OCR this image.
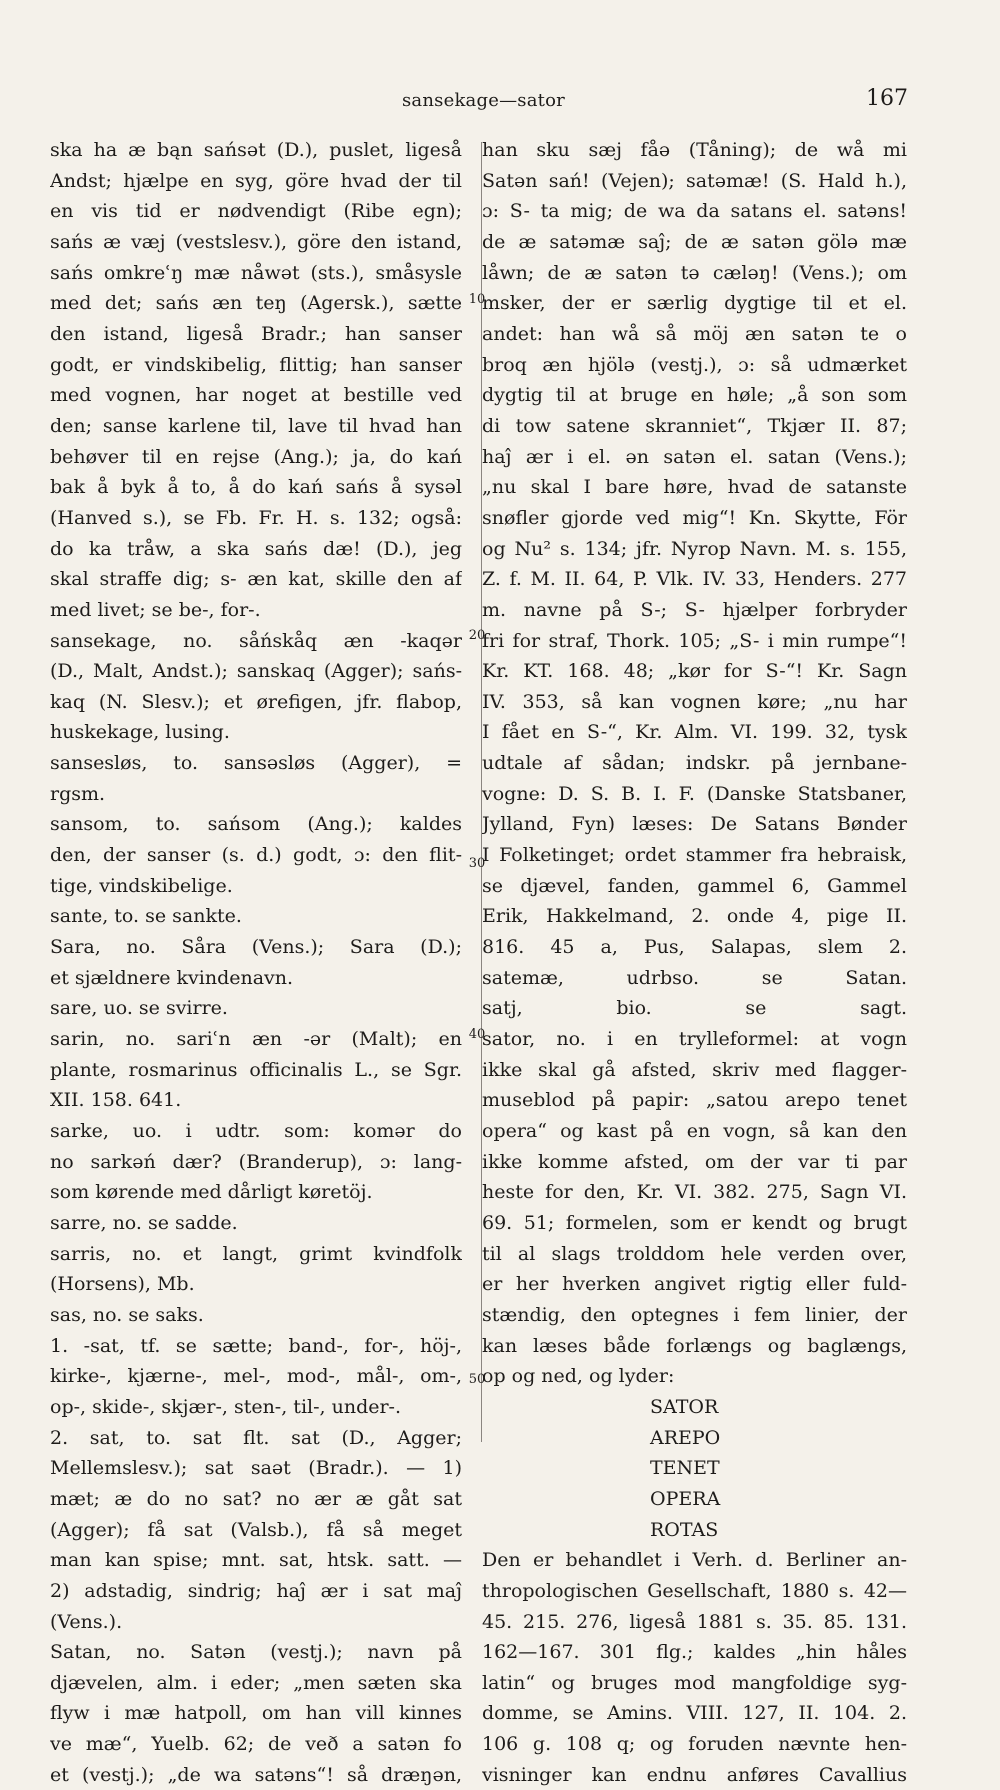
sansekage—sator	167
ska ha æ bąn sańsət (D.), puslet, ligeså
Andst; hjælpe en syg, göre hvad der til
en vis tid er nødvendigt (Ribe egn);
sańs æ væj (vestslesv.), göre den istand,
sańs omkreʿŋ mæ nåwət (sts.), småsysle
med det; sańs æn teŋ (Agersk.), sætte
den istand, ligeså Bradr.; han sanser
godt, er vindskibelig, flittig; han sanser
med vognen, har noget at bestille ved
den; sanse karlene til, lave til hvad han
behøver til en rejse (Ang.); ja, do kań
bak å byk å to, å do kań sańs å sysəl
(Hanved s.), se Fb. Fr. H. s. 132; også:
do ka tråw, a ska sańs dæ! (D.), jeg
skal straffe dig; s- æn kat, skille den af
med livet; se be-, for-.
sansekage, no. såńskåq æn -kaqər
(D., Malt, Andst.); sanskaq (Agger); sańs-
kaq (N. Slesv.); et ørefigen, jfr. flabop,
huskekage, lusing.
sansesløs, to. sansəsløs (Agger), =
rgsm.
sansom, to. sańsom (Ang.); kaldes
den, der sanser (s. d.) godt, ɔ: den flit-
tige, vindskibelige.
sante, to. se sankte.
Sara, no. Såra (Vens.); Sara (D.);
et sjældnere kvindenavn.
sare, uo. se svirre.
sarin, no. sariʿn æn -ər (Malt); en
plante, rosmarinus officinalis L., se Sgr.
XII. 158. 641.
sarke, uo. i udtr. som: komər do
no sarkəń dær? (Branderup), ɔ: lang-
som kørende med dårligt køretöj.
sarre, no. se sadde.
sarris, no. et langt, grimt kvindfolk
(Horsens), Mb.
sas, no. se saks.
1. -sat, tf. se sætte; band-, for-, höj-,
kirke-, kjærne-, mel-, mod-, mål-, om-,
op-, skide-, skjær-, sten-, til-, under-.
2. sat, to. sat flt. sat (D., Agger;
Mellemslesv.); sat saət (Bradr.). — 1)
mæt; æ do no sat? no ær æ gåt sat
(Agger); få sat (Valsb.), få så meget
man kan spise; mnt. sat, htsk. satt. —
2) adstadig, sindrig; haĵ ær i sat maĵ
(Vens.).
Satan, no. Satən (vestj.); navn på
djævelen, alm. i eder; „men sæten ska
flyw i mæ hatpoll, om han vill kinnes
ve mæ“, Yuelb. 62; de veð a satən fo
et (vestj.); „de wa satəns“! så dræŋən,
han sku sæj fåə (Tåning); de wå mi
Satən sań! (Vejen); satəmæ! (S. Hald h.),
ɔ: S- ta mig; de wa da satans el. satəns!
de æ satəmæ saĵ; de æ satən gölə mæ
låwn; de æ satən tə cæləŋ! (Vens.); om
msker, der er særlig dygtige til et el.
andet: han wå så möj æn satən te o
broq æn hjölə (vestj.), ɔ: så udmærket
dygtig til at bruge en høle; „å son som
di tow satene skranniet“, Tkjær II. 87;
haĵ ær i el. ən satən el. satan (Vens.);
„nu skal I bare høre, hvad de satanste
snøfler gjorde ved mig“! Kn. Skytte, För
og Nu² s. 134; jfr. Nyrop Navn. M. s. 155,
Z. f. M. II. 64, P. Vlk. IV. 33, Henders. 277
m. navne på S-; S- hjælper forbryder
fri for straf, Thork. 105; „S- i min rumpe“!
Kr. KT. 168. 48; „kør for S-“! Kr. Sagn
IV. 353, så kan vognen køre; „nu har
I fået en S-“, Kr. Alm. VI. 199. 32, tysk
udtale af sådan; indskr. på jernbane-
vogne: D. S. B. I. F. (Danske Statsbaner,
Jylland, Fyn) læses: De Satans Bønder
I Folketinget; ordet stammer fra hebraisk,
se djævel, fanden, gammel 6, Gammel
Erik, Hakkelmand, 2. onde 4, pige II.
816. 45 a, Pus, Salapas, slem 2.
satemæ, udrbso. se Satan.
satj, bio. se sagt.
sator, no. i en trylleformel: at vogn
ikke skal gå afsted, skriv med flagger-
museblod på papir: „satou arepo tenet
opera“ og kast på en vogn, så kan den
ikke komme afsted, om der var ti par
heste for den, Kr. VI. 382. 275, Sagn VI.
69. 51; formelen, som er kendt og brugt
til al slags trolddom hele verden over,
er her hverken angivet rigtig eller fuld-
stændig, den optegnes i fem linier, der
kan læses både forlængs og baglængs,
op og ned, og lyder:
SATOR
AREPO
TENET
OPERA
ROTAS
Den er behandlet i Verh. d. Berliner an-
thropologischen Gesellschaft, 1880 s. 42—
45. 215. 276, ligeså 1881 s. 35. 85. 131.
162—167. 301 flg.; kaldes „hin håles
latin“ og bruges mod mangfoldige syg-
domme, se Amins. VIII. 127, II. 104. 2.
106 g. 108 q; og foruden nævnte hen-
visninger kan endnu anføres Cavallius
10
20
30
40
50
